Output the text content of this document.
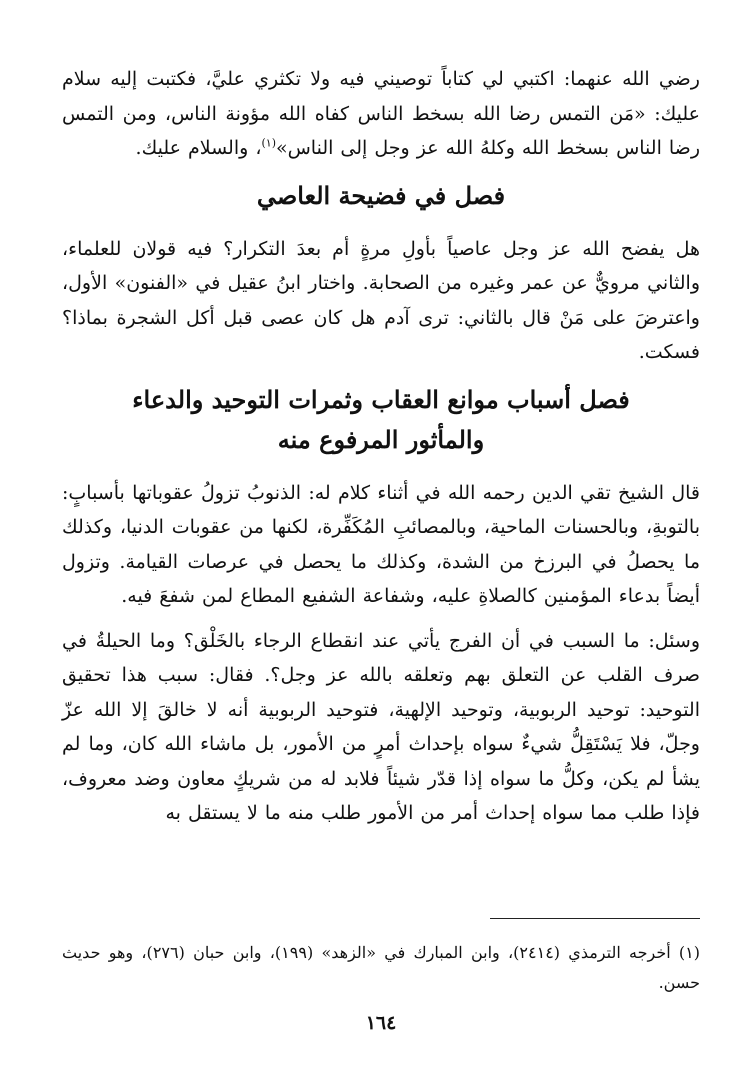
رضي الله عنهما: اكتبي لي كتاباً توصيني فيه ولا تكثري عليَّ، فكتبت إليه سلام عليك: «مَن التمس رضا الله بسخط الناس كفاه الله مؤونة الناس، ومن التمس رضا الناس بسخط الله وكلهُ الله عز وجل إلى الناس»$^{(١)}$، والسلام عليك.

فصل في فضيحة العاصي

هل يفضح الله عز وجل عاصياً بأولِ مرةٍ أم بعدَ التكرار؟ فيه قولان للعلماء، والثاني مرويٌّ عن عمر وغيره من الصحابة. واختار ابنُ عقيل في «الفنون» الأول، واعترضَ على مَنْ قال بالثاني: ترى آدم هل كان عصى قبل أكل الشجرة بماذا؟ فسكت.

فصل أسباب موانع العقاب وثمرات التوحيد والدعاء
والمأثور المرفوع منه

قال الشيخ تقي الدين رحمه الله في أثناء كلام له: الذنوبُ تزولُ عقوباتها بأسبابٍ: بالتوبةِ، وبالحسنات الماحية، وبالمصائبِ المُكَفِّرة، لكنها من عقوبات الدنيا، وكذلك ما يحصلُ في البرزخ من الشدة، وكذلك ما يحصل في عرصات القيامة. وتزول أيضاً بدعاء المؤمنين كالصلاةِ عليه، وشفاعة الشفيع المطاع لمن شفعَ فيه.

وسئل: ما السبب في أن الفرج يأتي عند انقطاع الرجاء بالخَلْق؟ وما الحيلةُ في صرف القلب عن التعلق بهم وتعلقه بالله عز وجل؟. فقال: سبب هذا تحقيق التوحيد: توحيد الربوبية، وتوحيد الإلهية، فتوحيد الربوبية أنه لا خالقَ إلا الله عزّ وجلّ، فلا يَسْتَقِلُّ شيءٌ سواه بإحداث أمرٍ من الأمور، بل ماشاء الله كان، وما لم يشأ لم يكن، وكلُّ ما سواه إذا قدّر شيئاً فلابد له من شريكٍ معاون وضد معروف، فإذا طلب مما سواه إحداث أمر من الأمور طلب منه ما لا يستقل به

(١) أخرجه الترمذي (٢٤١٤)، وابن المبارك في «الزهد» (١٩٩)، وابن حبان (٢٧٦)، وهو حديث حسن.

١٦٤
